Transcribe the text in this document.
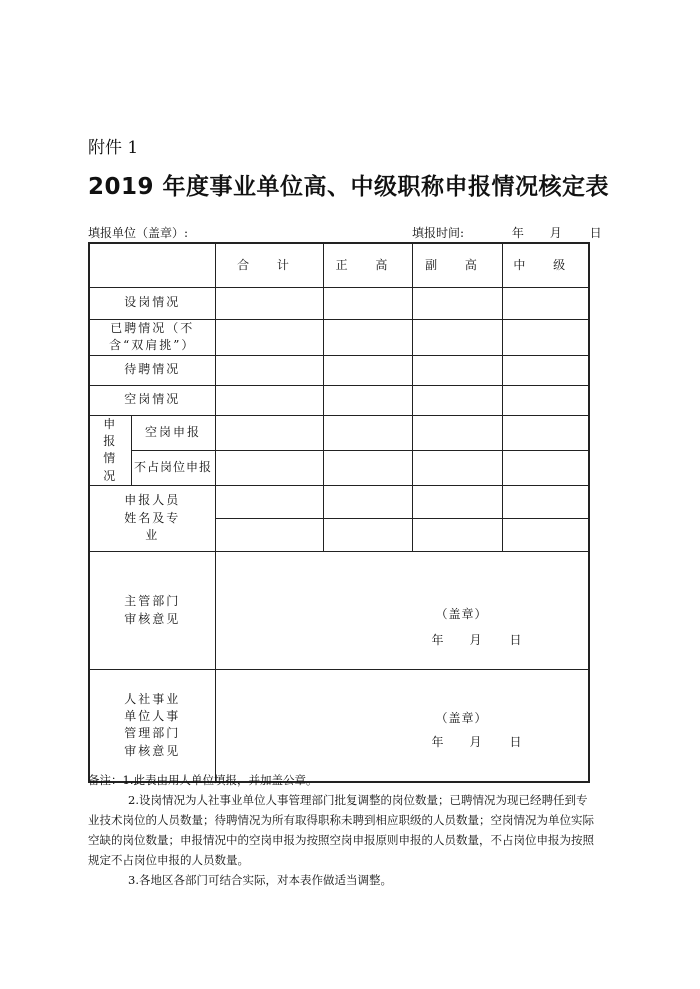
附件 1
2019 年度事业单位高、中级职称申报情况核定表
填报单位（盖章）:	填报时间:	年 月 日
		合 计	正 高	副 高	中 级
设岗情况					
已聘情况（不含“双肩挑”）					
待聘情况					
空岗情况					
申报情况	空岗申报				
	不占岗位申报				
申报人员姓名及专业					

主管部门审核意见		（盖章）
年 月 日			

人社事业单位人事管理部门审核意见		（盖章）
年 月 日			

备注：1.此表由用人单位填报，并加盖公章。

2.设岗情况为人社事业单位人事管理部门批复调整的岗位数量；已聘情况为现已经聘任到专业技术岗位的人员数量；待聘情况为所有取得职称未聘到相应职级的人员数量；空岗情况为单位实际空缺的岗位数量；申报情况中的空岗申报为按照空岗申报原则申报的人员数量，不占岗位申报为按照规定不占岗位申报的人员数量。

3.各地区各部门可结合实际，对本表作做适当调整。
